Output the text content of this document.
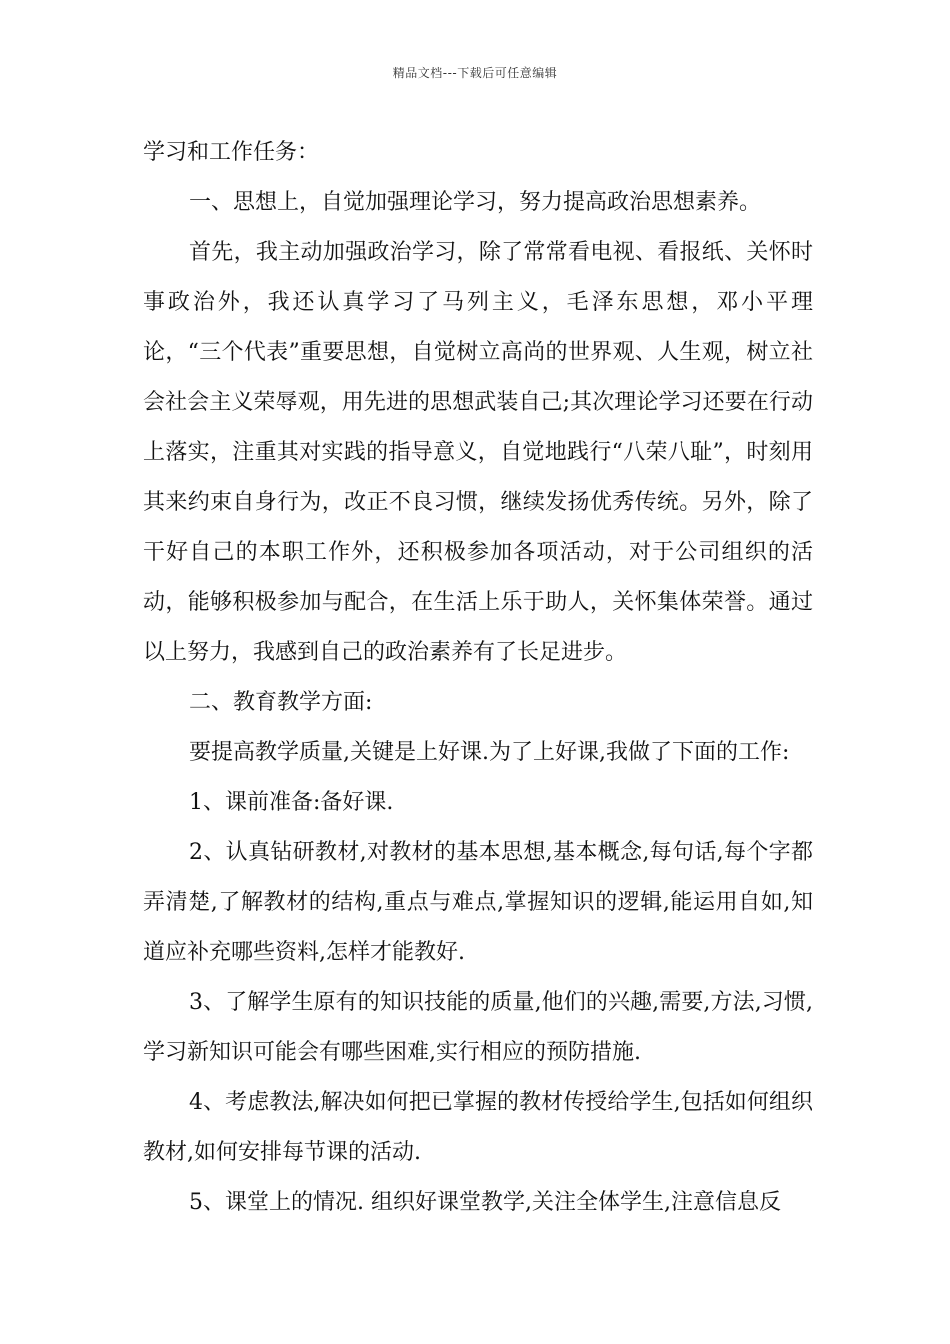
精品文档---下载后可任意编辑

学习和工作任务：

一、思想上，自觉加强理论学习，努力提高政治思想素养。

首先，我主动加强政治学习，除了常常看电视、看报纸、关怀时事政治外，我还认真学习了马列主义，毛泽东思想，邓小平理论，“三个代表”重要思想，自觉树立高尚的世界观、人生观，树立社会社会主义荣辱观，用先进的思想武装自己;其次理论学习还要在行动上落实，注重其对实践的指导意义，自觉地践行“八荣八耻”，时刻用其来约束自身行为，改正不良习惯，继续发扬优秀传统。另外，除了干好自己的本职工作外，还积极参加各项活动，对于公司组织的活动，能够积极参加与配合，在生活上乐于助人，关怀集体荣誉。通过以上努力，我感到自己的政治素养有了长足进步。

二、教育教学方面:

要提高教学质量,关键是上好课.为了上好课,我做了下面的工作:

1、课前准备:备好课.

2、认真钻研教材,对教材的基本思想,基本概念,每句话,每个字都弄清楚,了解教材的结构,重点与难点,掌握知识的逻辑,能运用自如,知道应补充哪些资料,怎样才能教好.

3、了解学生原有的知识技能的质量,他们的兴趣,需要,方法,习惯,学习新知识可能会有哪些困难,实行相应的预防措施.

4、考虑教法,解决如何把已掌握的教材传授给学生,包括如何组织教材,如何安排每节课的活动.

5、课堂上的情况. 组织好课堂教学,关注全体学生,注意信息反
